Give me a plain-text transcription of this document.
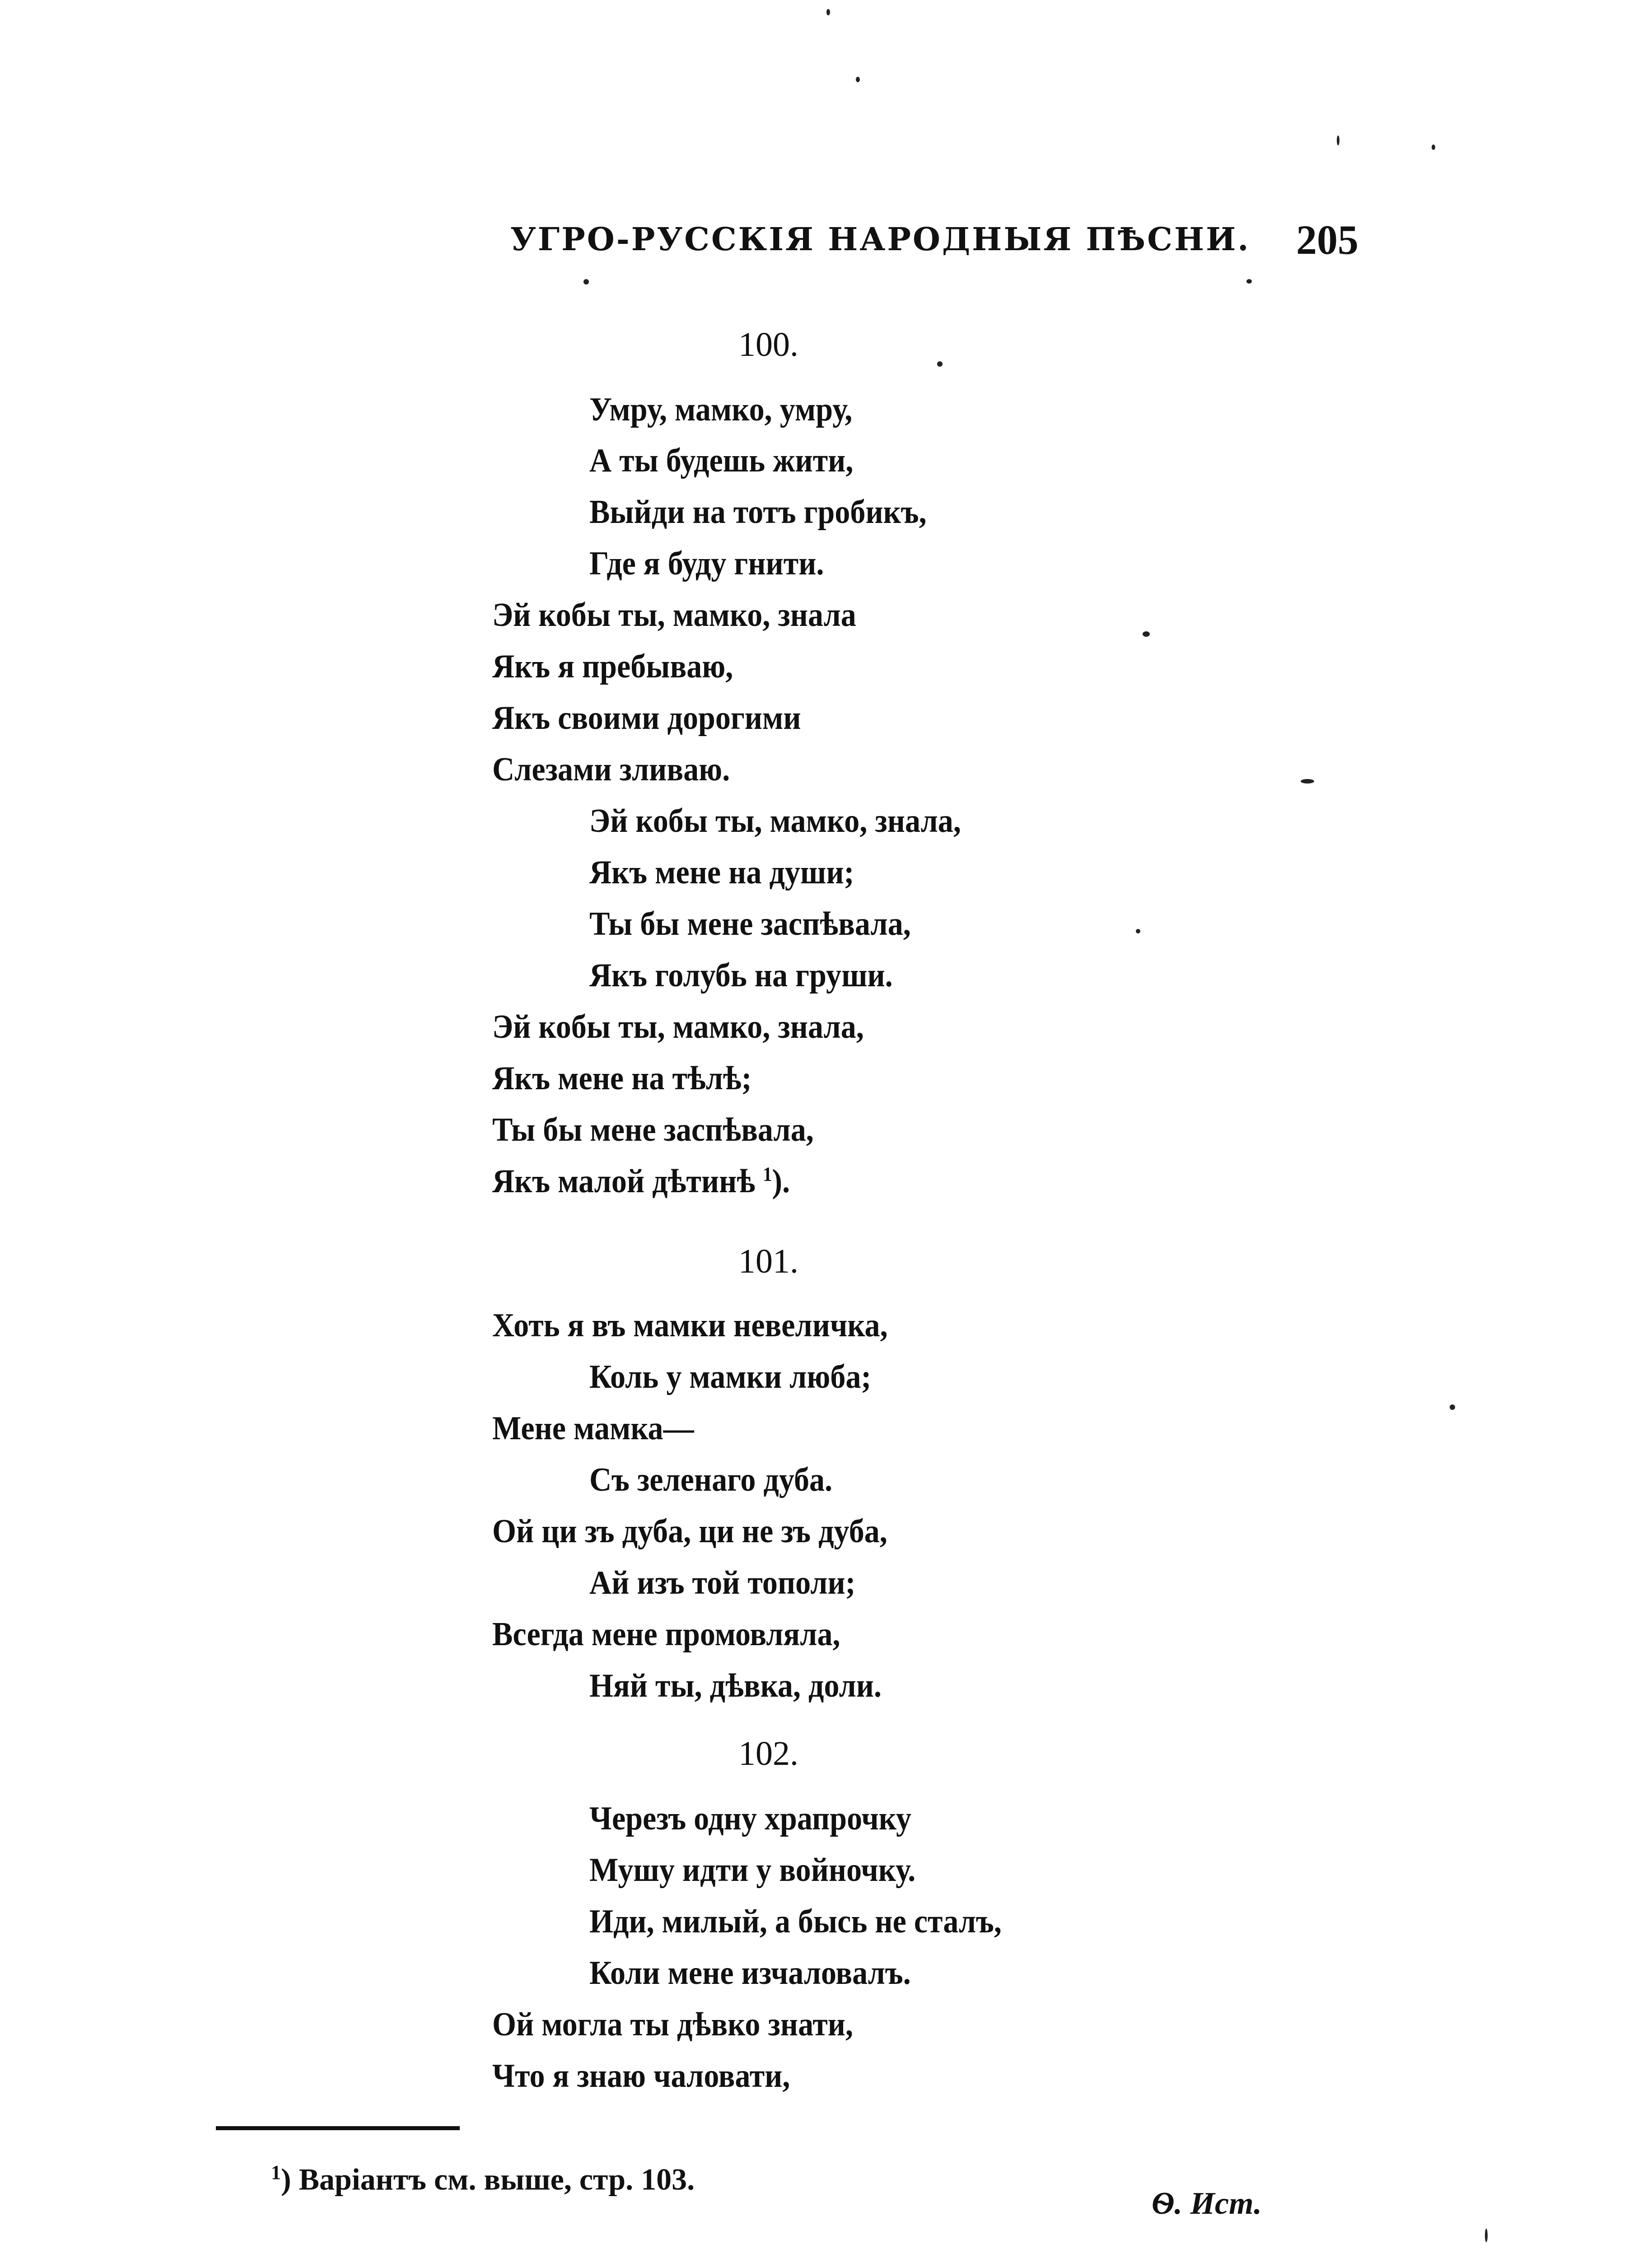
УГРО-РУССКІЯ НАРОДНЫЯ ПѢСНИ. 205
100.
Умру, мамко, умру,
А ты будешь жити,
Выйди на тотъ гробикъ,
Где я буду гнити.
Эй кобы ты, мамко, знала
Якъ я пребываю,
Якъ своими дорогими
Слезами зливаю.
Эй кобы ты, мамко, знала,
Якъ мене на души;
Ты бы мене заспѣвала,
Якъ голубь на груши.
Эй кобы ты, мамко, знала,
Якъ мене на тѣлѣ;
Ты бы мене заспѣвала,
Якъ малой дѣтинѣ $^1$).
101.
Хоть я въ мамки невеличка,
Коль у мамки люба;
Мене мамка—
Съ зеленаго дуба.
Ой ци зъ дуба, ци не зъ дуба,
Ай изъ той тополи;
Всегда мене промовляла,
Няй ты, дѣвка, доли.
102.
Черезъ одну храпрочку
Мушу идти у войночку.
Иди, милый, а бысь не сталъ,
Коли мене изчаловалъ.
Ой могла ты дѣвко знати,
Что я знаю чаловати,
$^1$) Варіантъ см. выше, стр. 103.
Ѳ. Ист.
